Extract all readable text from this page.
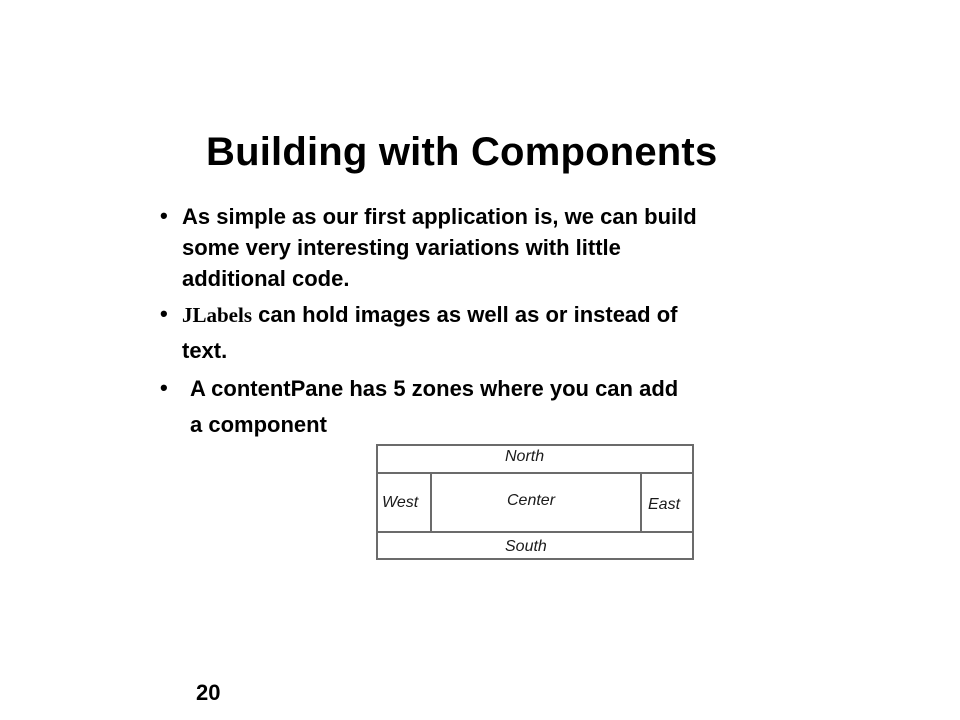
Building with Components
• As simple as our first application is, we can build
some very interesting variations with little
additional code.
• JLabels can hold images as well as or instead of
text.
• A contentPane has 5 zones where you can add
a component
North
West	Center	East
South
20
